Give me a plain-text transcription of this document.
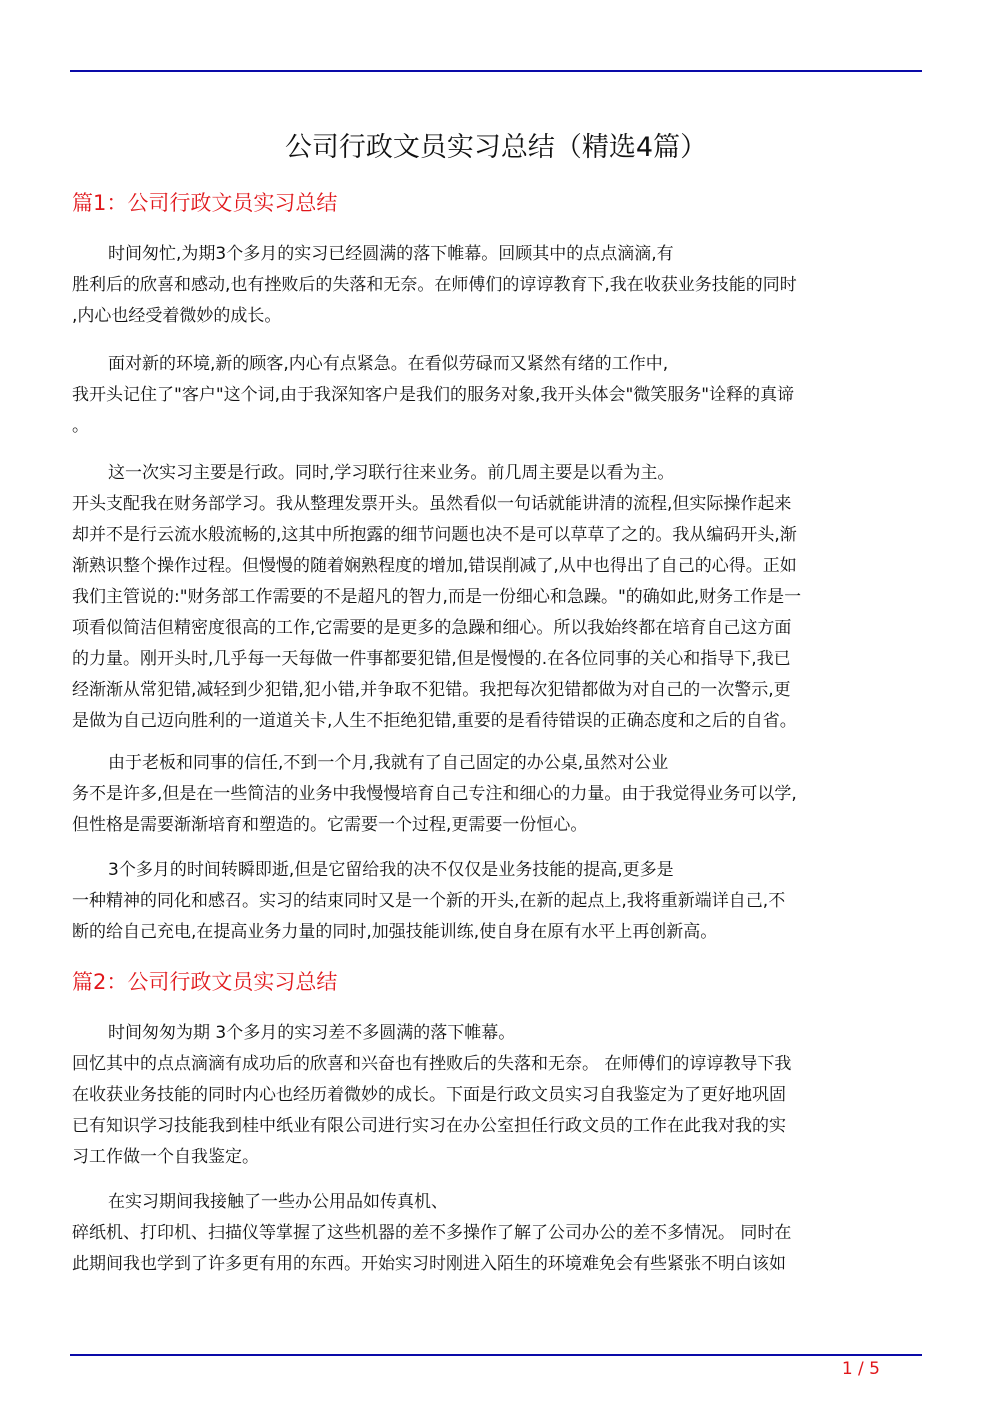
公司行政文员实习总结（精选4篇）
篇1：公司行政文员实习总结

时间匆忙,为期3个多月的实习已经圆满的落下帷幕。回顾其中的点点滴滴,有
胜利后的欣喜和感动,也有挫败后的失落和无奈。在师傅们的谆谆教育下,我在收获业务技能的同时
,内心也经受着微妙的成长。

面对新的环境,新的顾客,内心有点紧急。在看似劳碌而又紧然有绪的工作中,
我开头记住了"客户"这个词,由于我深知客户是我们的服务对象,我开头体会"微笑服务"诠释的真谛
。

这一次实习主要是行政。同时,学习联行往来业务。前几周主要是以看为主。
开头支配我在财务部学习。我从整理发票开头。虽然看似一句话就能讲清的流程,但实际操作起来
却并不是行云流水般流畅的,这其中所抱露的细节问题也决不是可以草草了之的。我从编码开头,渐
渐熟识整个操作过程。但慢慢的随着娴熟程度的增加,错误削减了,从中也得出了自己的心得。正如
我们主管说的:"财务部工作需要的不是超凡的智力,而是一份细心和急躁。"的确如此,财务工作是一
项看似简洁但精密度很高的工作,它需要的是更多的急躁和细心。所以我始终都在培育自己这方面
的力量。刚开头时,几乎每一天每做一件事都要犯错,但是慢慢的.在各位同事的关心和指导下,我已
经渐渐从常犯错,减轻到少犯错,犯小错,并争取不犯错。我把每次犯错都做为对自己的一次警示,更
是做为自己迈向胜利的一道道关卡,人生不拒绝犯错,重要的是看待错误的正确态度和之后的自省。

由于老板和同事的信任,不到一个月,我就有了自己固定的办公桌,虽然对公业
务不是许多,但是在一些简洁的业务中我慢慢培育自己专注和细心的力量。由于我觉得业务可以学,
但性格是需要渐渐培育和塑造的。它需要一个过程,更需要一份恒心。

3个多月的时间转瞬即逝,但是它留给我的决不仅仅是业务技能的提高,更多是
一种精神的同化和感召。实习的结束同时又是一个新的开头,在新的起点上,我将重新端详自己,不
断的给自己充电,在提高业务力量的同时,加强技能训练,使自身在原有水平上再创新高。

篇2：公司行政文员实习总结

时间匆匆为期 3个多月的实习差不多圆满的落下帷幕。
回忆其中的点点滴滴有成功后的欣喜和兴奋也有挫败后的失落和无奈。 在师傅们的谆谆教导下我
在收获业务技能的同时内心也经历着微妙的成长。下面是行政文员实习自我鉴定为了更好地巩固
已有知识学习技能我到桂中纸业有限公司进行实习在办公室担任行政文员的工作在此我对我的实
习工作做一个自我鉴定。

在实习期间我接触了一些办公用品如传真机、
碎纸机、打印机、扫描仪等掌握了这些机器的差不多操作了解了公司办公的差不多情况。 同时在
此期间我也学到了许多更有用的东西。开始实习时刚进入陌生的环境难免会有些紧张不明白该如

1 / 5
